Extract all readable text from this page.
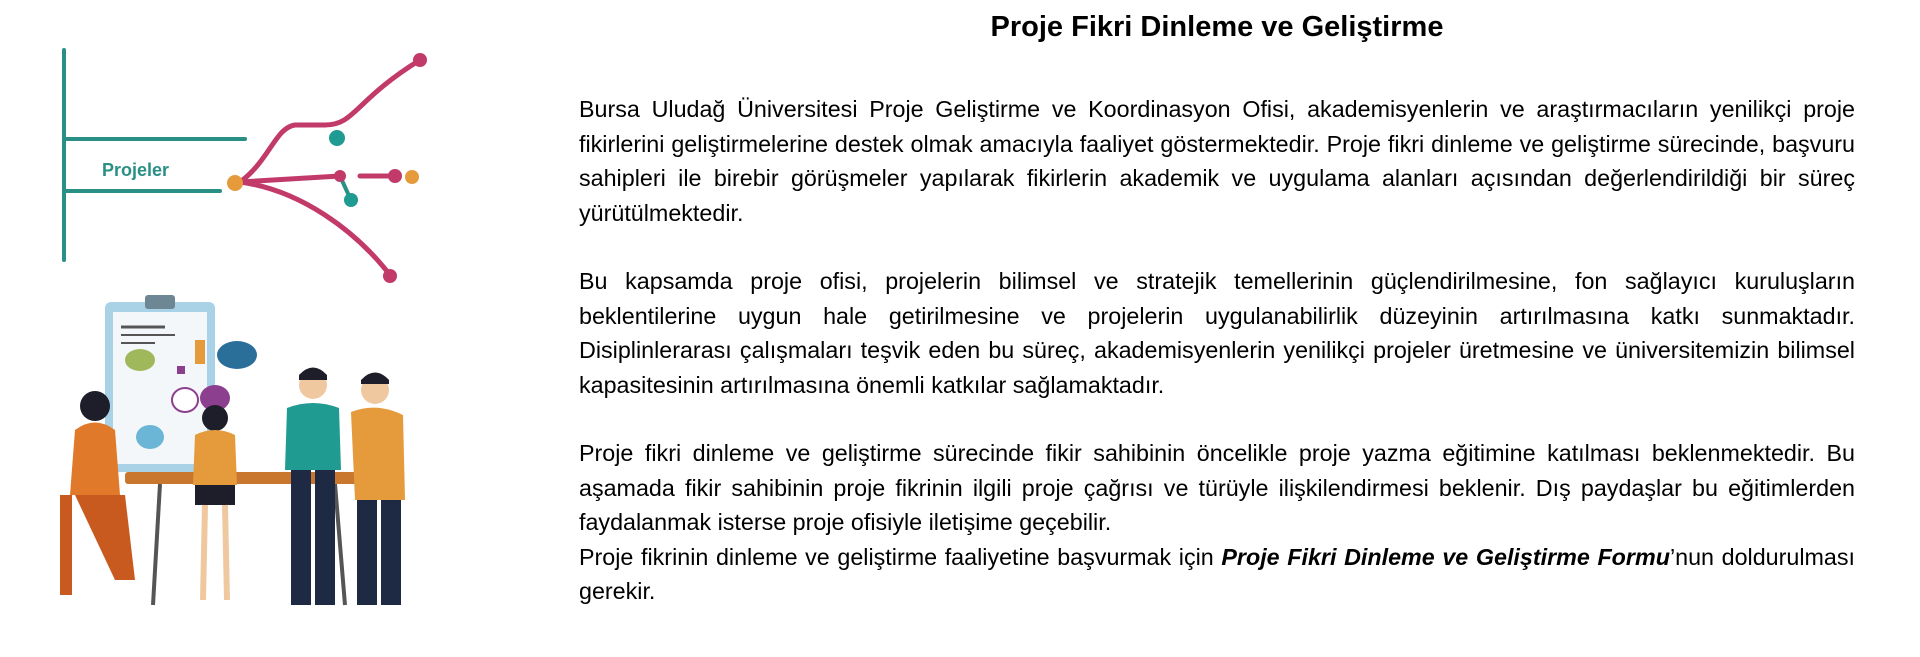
Projeler
Proje Fikri Dinleme ve Geliştirme

Bursa Uludağ Üniversitesi Proje Geliştirme ve Koordinasyon Ofisi, akademisyenlerin ve araştırmacıların yenilikçi proje fikirlerini geliştirmelerine destek olmak amacıyla faaliyet göstermektedir. Proje fikri dinleme ve geliştirme sürecinde, başvuru sahipleri ile birebir görüşmeler yapılarak fikirlerin akademik ve uygulama alanları açısından değerlendirildiği bir süreç yürütülmektedir.

Bu kapsamda proje ofisi, projelerin bilimsel ve stratejik temellerinin güçlendirilmesine, fon sağlayıcı kuruluşların beklentilerine uygun hale getirilmesine ve projelerin uygulanabilirlik düzeyinin artırılmasına katkı sunmaktadır. Disiplinlerarası çalışmaları teşvik eden bu süreç, akademisyenlerin yenilikçi projeler üretmesine ve üniversitemizin bilimsel kapasitesinin artırılmasına önemli katkılar sağlamaktadır.

Proje fikri dinleme ve geliştirme sürecinde fikir sahibinin öncelikle proje yazma eğitimine katılması beklenmektedir. Bu aşamada fikir sahibinin proje fikrinin ilgili proje çağrısı ve türüyle ilişkilendirmesi beklenir. Dış paydaşlar bu eğitimlerden faydalanmak isterse proje ofisiyle iletişime geçebilir.

Proje fikrinin dinleme ve geliştirme faaliyetine başvurmak için Proje Fikri Dinleme ve Geliştirme Formu’nun doldurulması gerekir.
